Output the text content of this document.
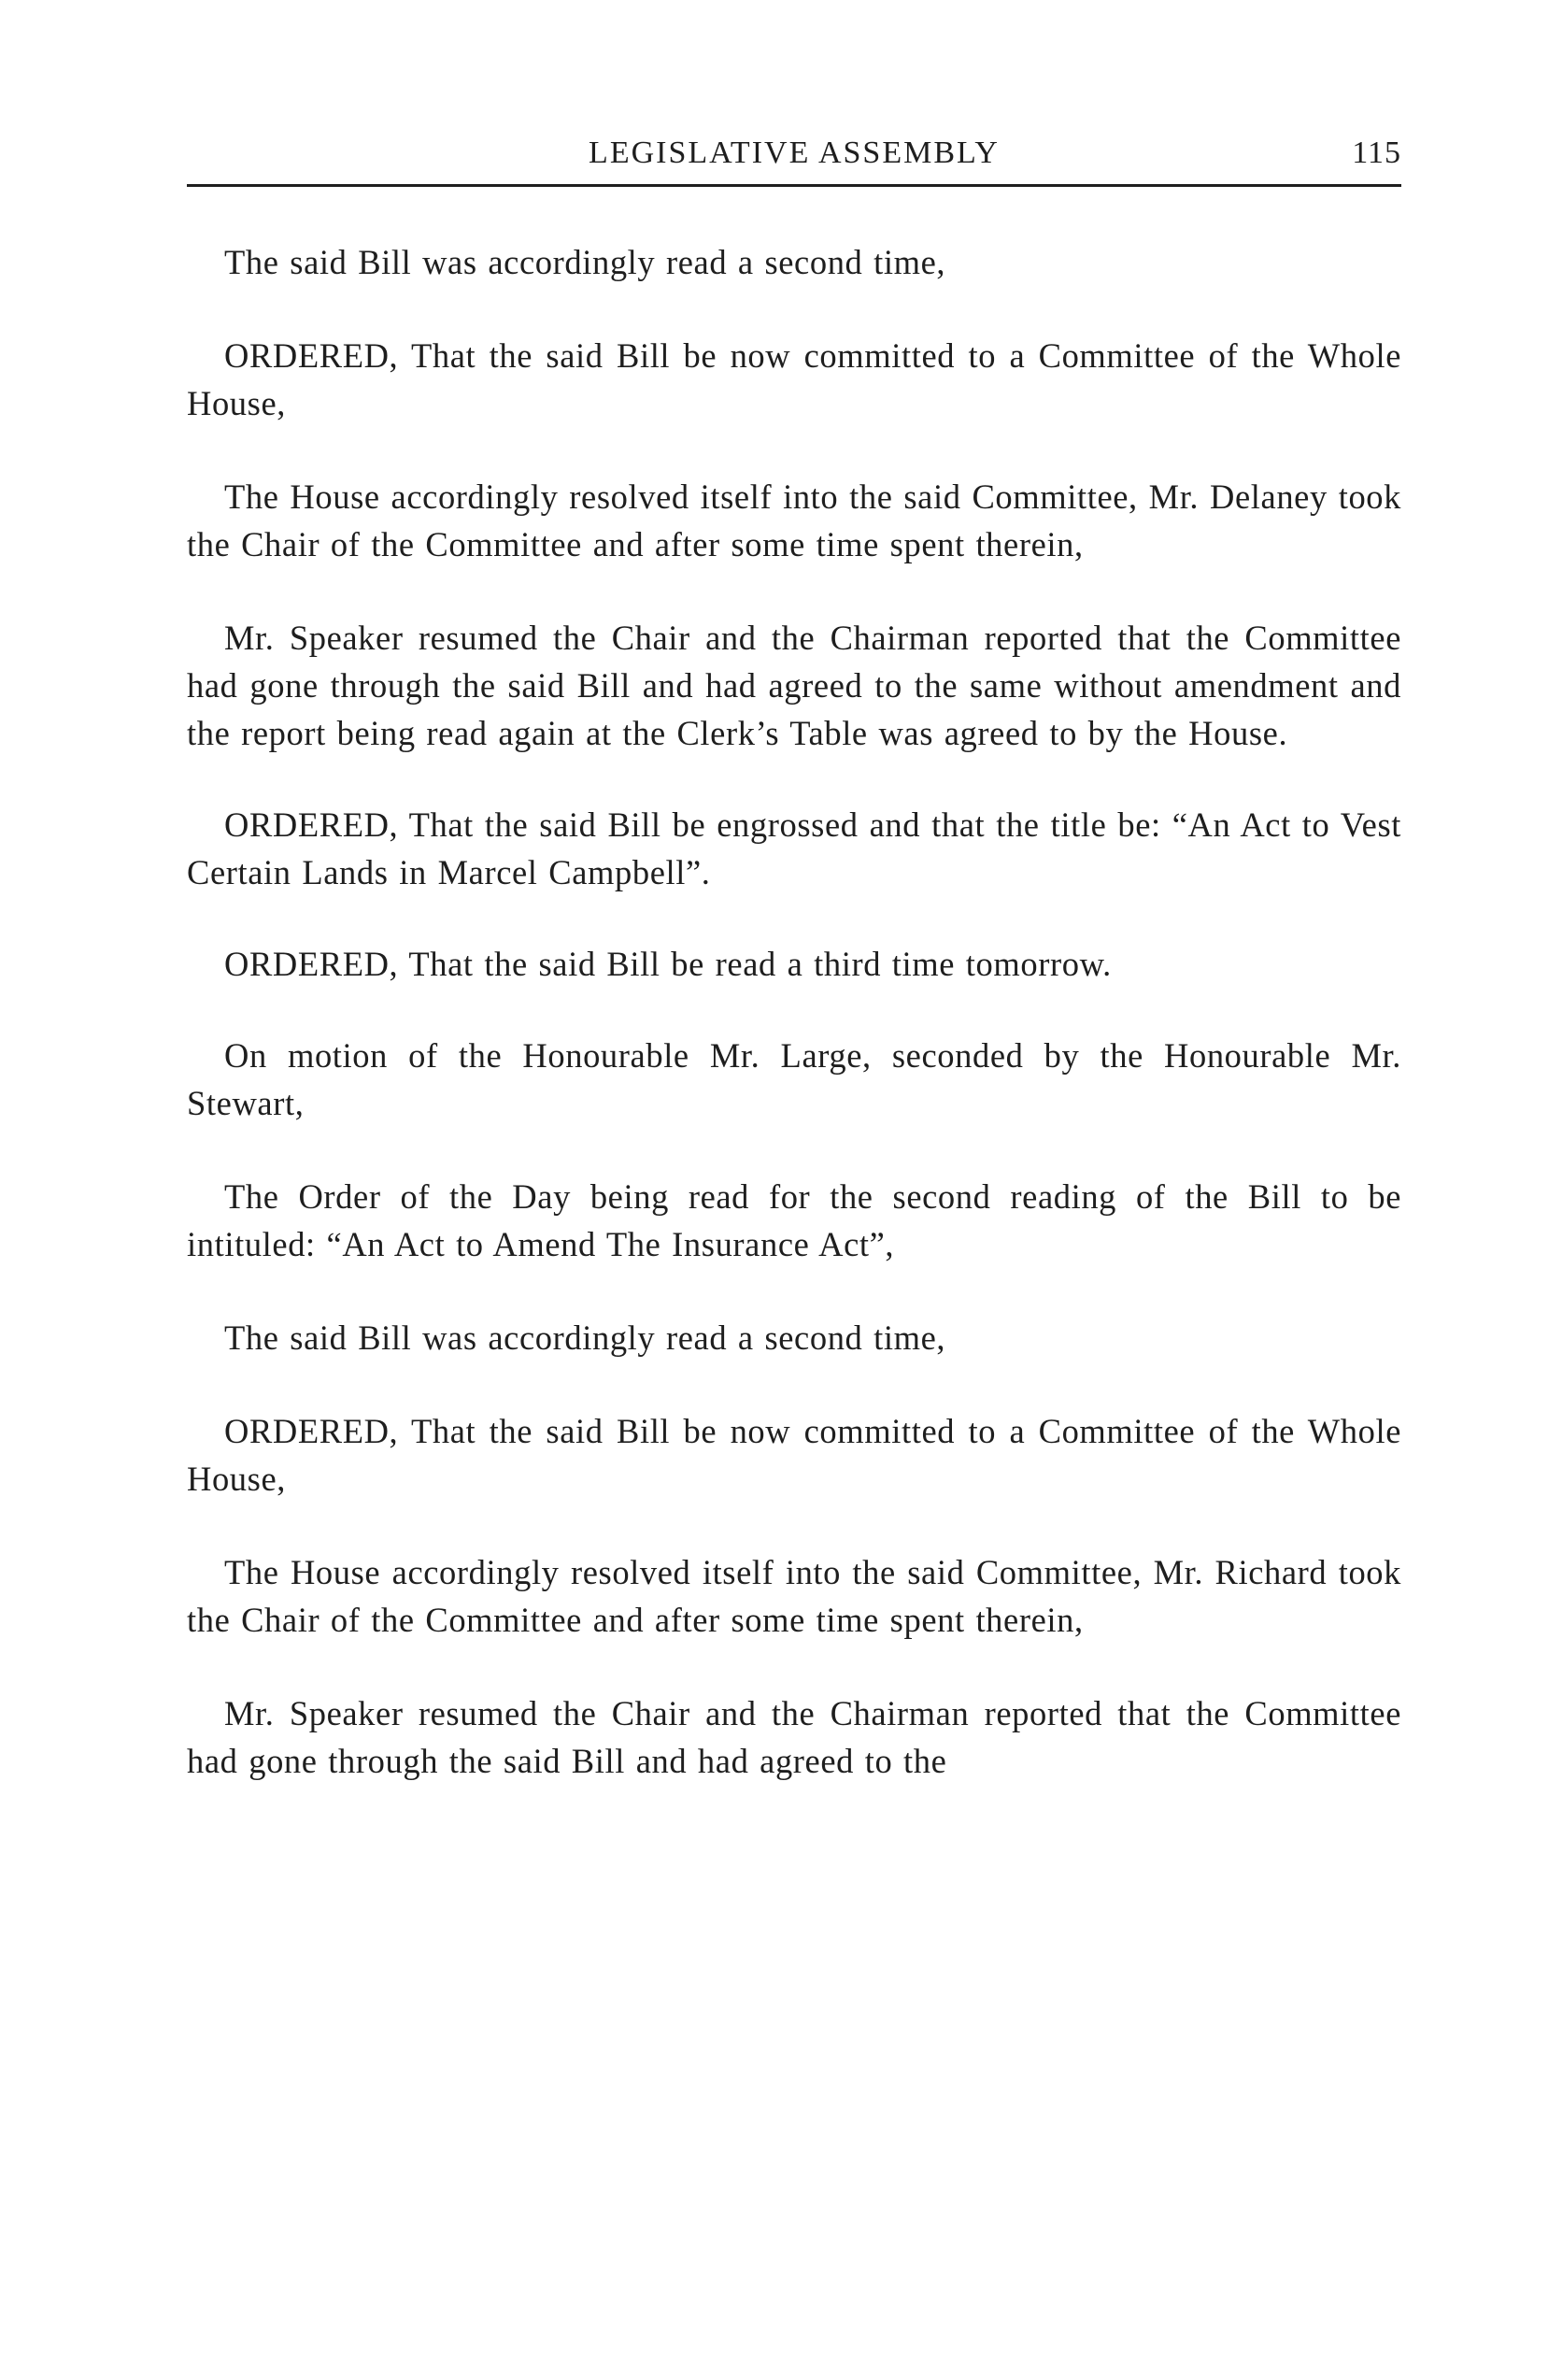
LEGISLATIVE ASSEMBLY	115

The said Bill was accordingly read a second time,

ORDERED, That the said Bill be now committed to a Committee of the Whole House,

The House accordingly resolved itself into the said Committee, Mr. Delaney took the Chair of the Committee and after some time spent therein,

Mr. Speaker resumed the Chair and the Chairman reported that the Committee had gone through the said Bill and had agreed to the same without amendment and the report being read again at the Clerk’s Table was agreed to by the House.

ORDERED, That the said Bill be engrossed and that the title be: “An Act to Vest Certain Lands in Marcel Campbell”.

ORDERED, That the said Bill be read a third time tomorrow.

On motion of the Honourable Mr. Large, seconded by the Honourable Mr. Stewart,

The Order of the Day being read for the second reading of the Bill to be intituled: “An Act to Amend The Insurance Act”,

The said Bill was accordingly read a second time,

ORDERED, That the said Bill be now committed to a Committee of the Whole House,

The House accordingly resolved itself into the said Committee, Mr. Richard took the Chair of the Committee and after some time spent therein,

Mr. Speaker resumed the Chair and the Chairman reported that the Committee had gone through the said Bill and had agreed to the
